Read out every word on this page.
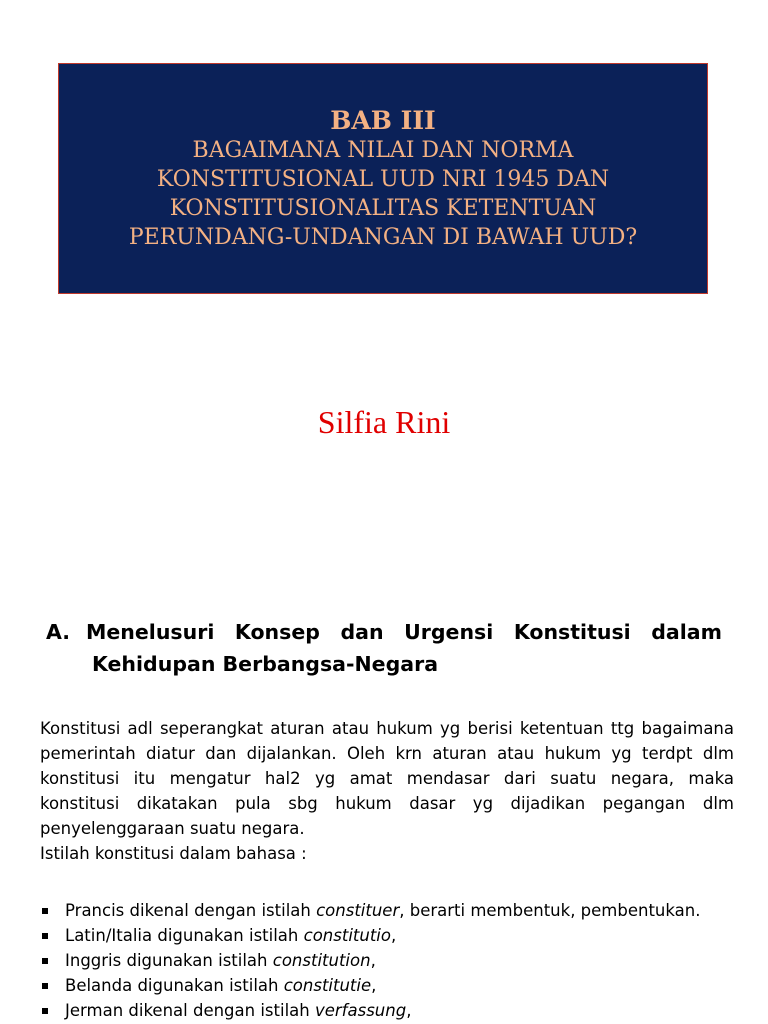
BAB III
BAGAIMANA NILAI DAN NORMA
KONSTITUSIONAL UUD NRI 1945 DAN
KONSTITUSIONALITAS KETENTUAN
PERUNDANG-UNDANGAN DI BAWAH UUD?
Silfia Rini
A. Menelusuri Konsep dan Urgensi Konstitusi dalam
Kehidupan Berbangsa-Negara
Konstitusi adl seperangkat aturan atau hukum yg berisi ketentuan ttg bagaimana
pemerintah diatur dan dijalankan. Oleh krn aturan atau hukum yg terdpt dlm
konstitusi itu mengatur hal2 yg amat mendasar dari suatu negara, maka
konstitusi dikatakan pula sbg hukum dasar yg dijadikan pegangan dlm
penyelenggaraan suatu negara.
Istilah konstitusi dalam bahasa :
Prancis dikenal dengan istilah constituer, berarti membentuk, pembentukan.
Latin/Italia digunakan istilah constitutio,
Inggris digunakan istilah constitution,
Belanda digunakan istilah constitutie,
Jerman dikenal dengan istilah verfassung,
